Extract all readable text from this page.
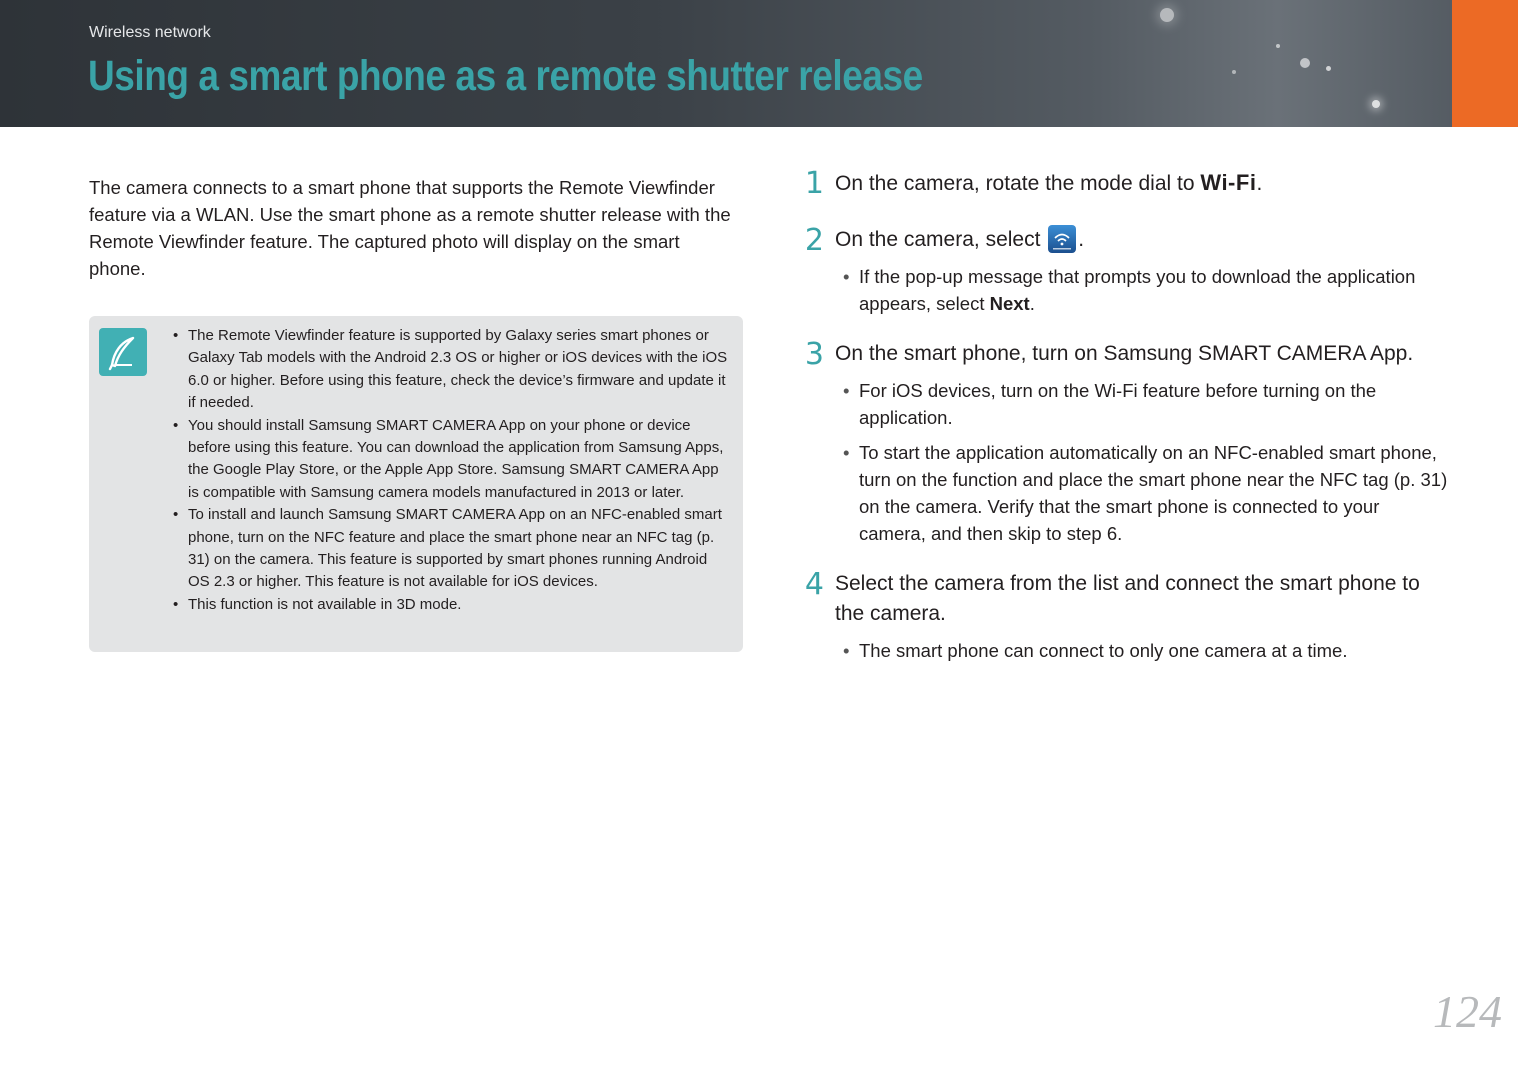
Wireless network
Using a smart phone as a remote shutter release

The camera connects to a smart phone that supports the Remote Viewfinder feature via a WLAN. Use the smart phone as a remote shutter release with the Remote Viewfinder feature. The captured photo will display on the smart phone.

• The Remote Viewfinder feature is supported by Galaxy series smart phones or Galaxy Tab models with the Android 2.3 OS or higher or iOS devices with the iOS 6.0 or higher. Before using this feature, check the device’s firmware and update it if needed.
• You should install Samsung SMART CAMERA App on your phone or device before using this feature. You can download the application from Samsung Apps, the Google Play Store, or the Apple App Store. Samsung SMART CAMERA App is compatible with Samsung camera models manufactured in 2013 or later.
• To install and launch Samsung SMART CAMERA App on an NFC-enabled smart phone, turn on the NFC feature and place the smart phone near an NFC tag (p. 31) on the camera. This feature is supported by smart phones running Android OS 2.3 or higher. This feature is not available for iOS devices.
• This function is not available in 3D mode.
1 On the camera, rotate the mode dial to Wi-Fi.
2 On the camera, select .
• If the pop-up message that prompts you to download the application appears, select Next.
3 On the smart phone, turn on Samsung SMART CAMERA App.
• For iOS devices, turn on the Wi-Fi feature before turning on the application.
• To start the application automatically on an NFC-enabled smart phone, turn on the function and place the smart phone near the NFC tag (p. 31) on the camera. Verify that the smart phone is connected to your camera, and then skip to step 6.
4 Select the camera from the list and connect the smart phone to the camera.
• The smart phone can connect to only one camera at a time.
124
